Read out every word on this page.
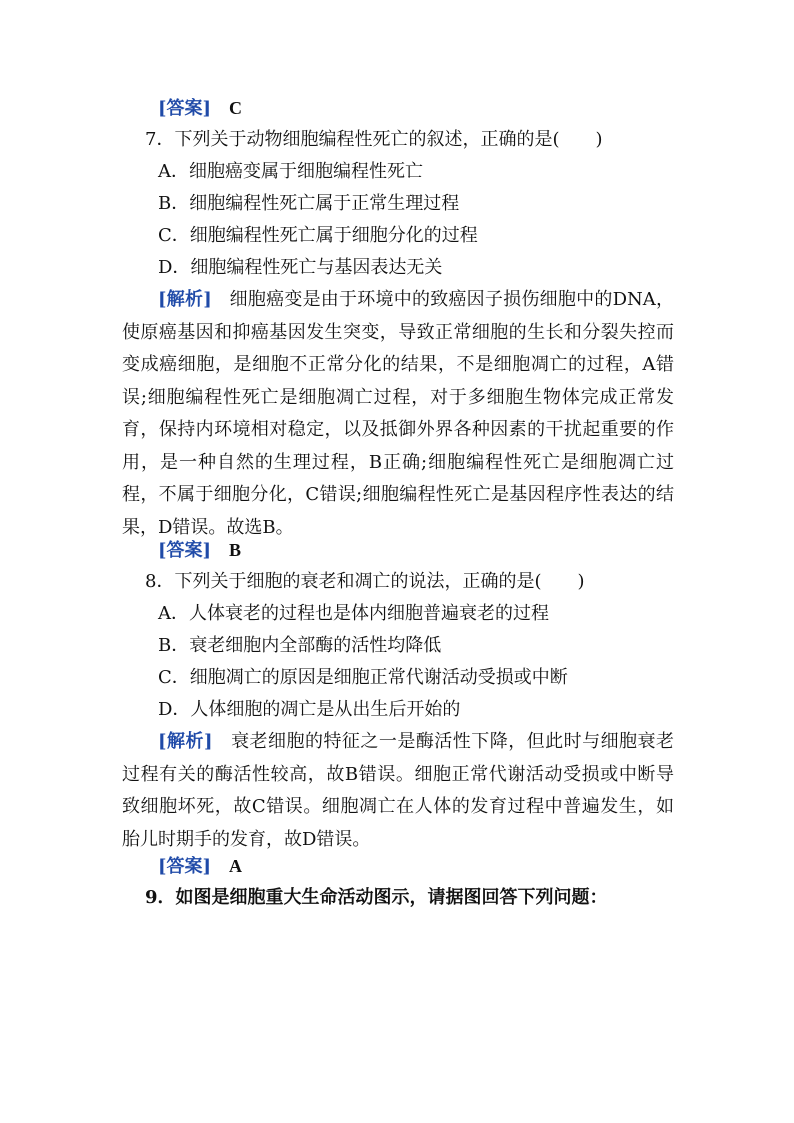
[答案] C
7．下列关于动物细胞编程性死亡的叙述，正确的是(　　)
A．细胞癌变属于细胞编程性死亡
B．细胞编程性死亡属于正常生理过程
C．细胞编程性死亡属于细胞分化的过程
D．细胞编程性死亡与基因表达无关
[解析] 细胞癌变是由于环境中的致癌因子损伤细胞中的DNA，使原癌基因和抑癌基因发生突变，导致正常细胞的生长和分裂失控而变成癌细胞，是细胞不正常分化的结果，不是细胞凋亡的过程，A错误;细胞编程性死亡是细胞凋亡过程，对于多细胞生物体完成正常发育，保持内环境相对稳定，以及抵御外界各种因素的干扰起重要的作用，是一种自然的生理过程，B正确;细胞编程性死亡是细胞凋亡过程，不属于细胞分化，C错误;细胞编程性死亡是基因程序性表达的结果，D错误。故选B。
[答案] B
8．下列关于细胞的衰老和凋亡的说法，正确的是(　　)
A．人体衰老的过程也是体内细胞普遍衰老的过程
B．衰老细胞内全部酶的活性均降低
C．细胞凋亡的原因是细胞正常代谢活动受损或中断
D．人体细胞的凋亡是从出生后开始的
[解析] 衰老细胞的特征之一是酶活性下降，但此时与细胞衰老过程有关的酶活性较高，故B错误。细胞正常代谢活动受损或中断导致细胞坏死，故C错误。细胞凋亡在人体的发育过程中普遍发生，如胎儿时期手的发育，故D错误。
[答案] A
9．如图是细胞重大生命活动图示，请据图回答下列问题：
